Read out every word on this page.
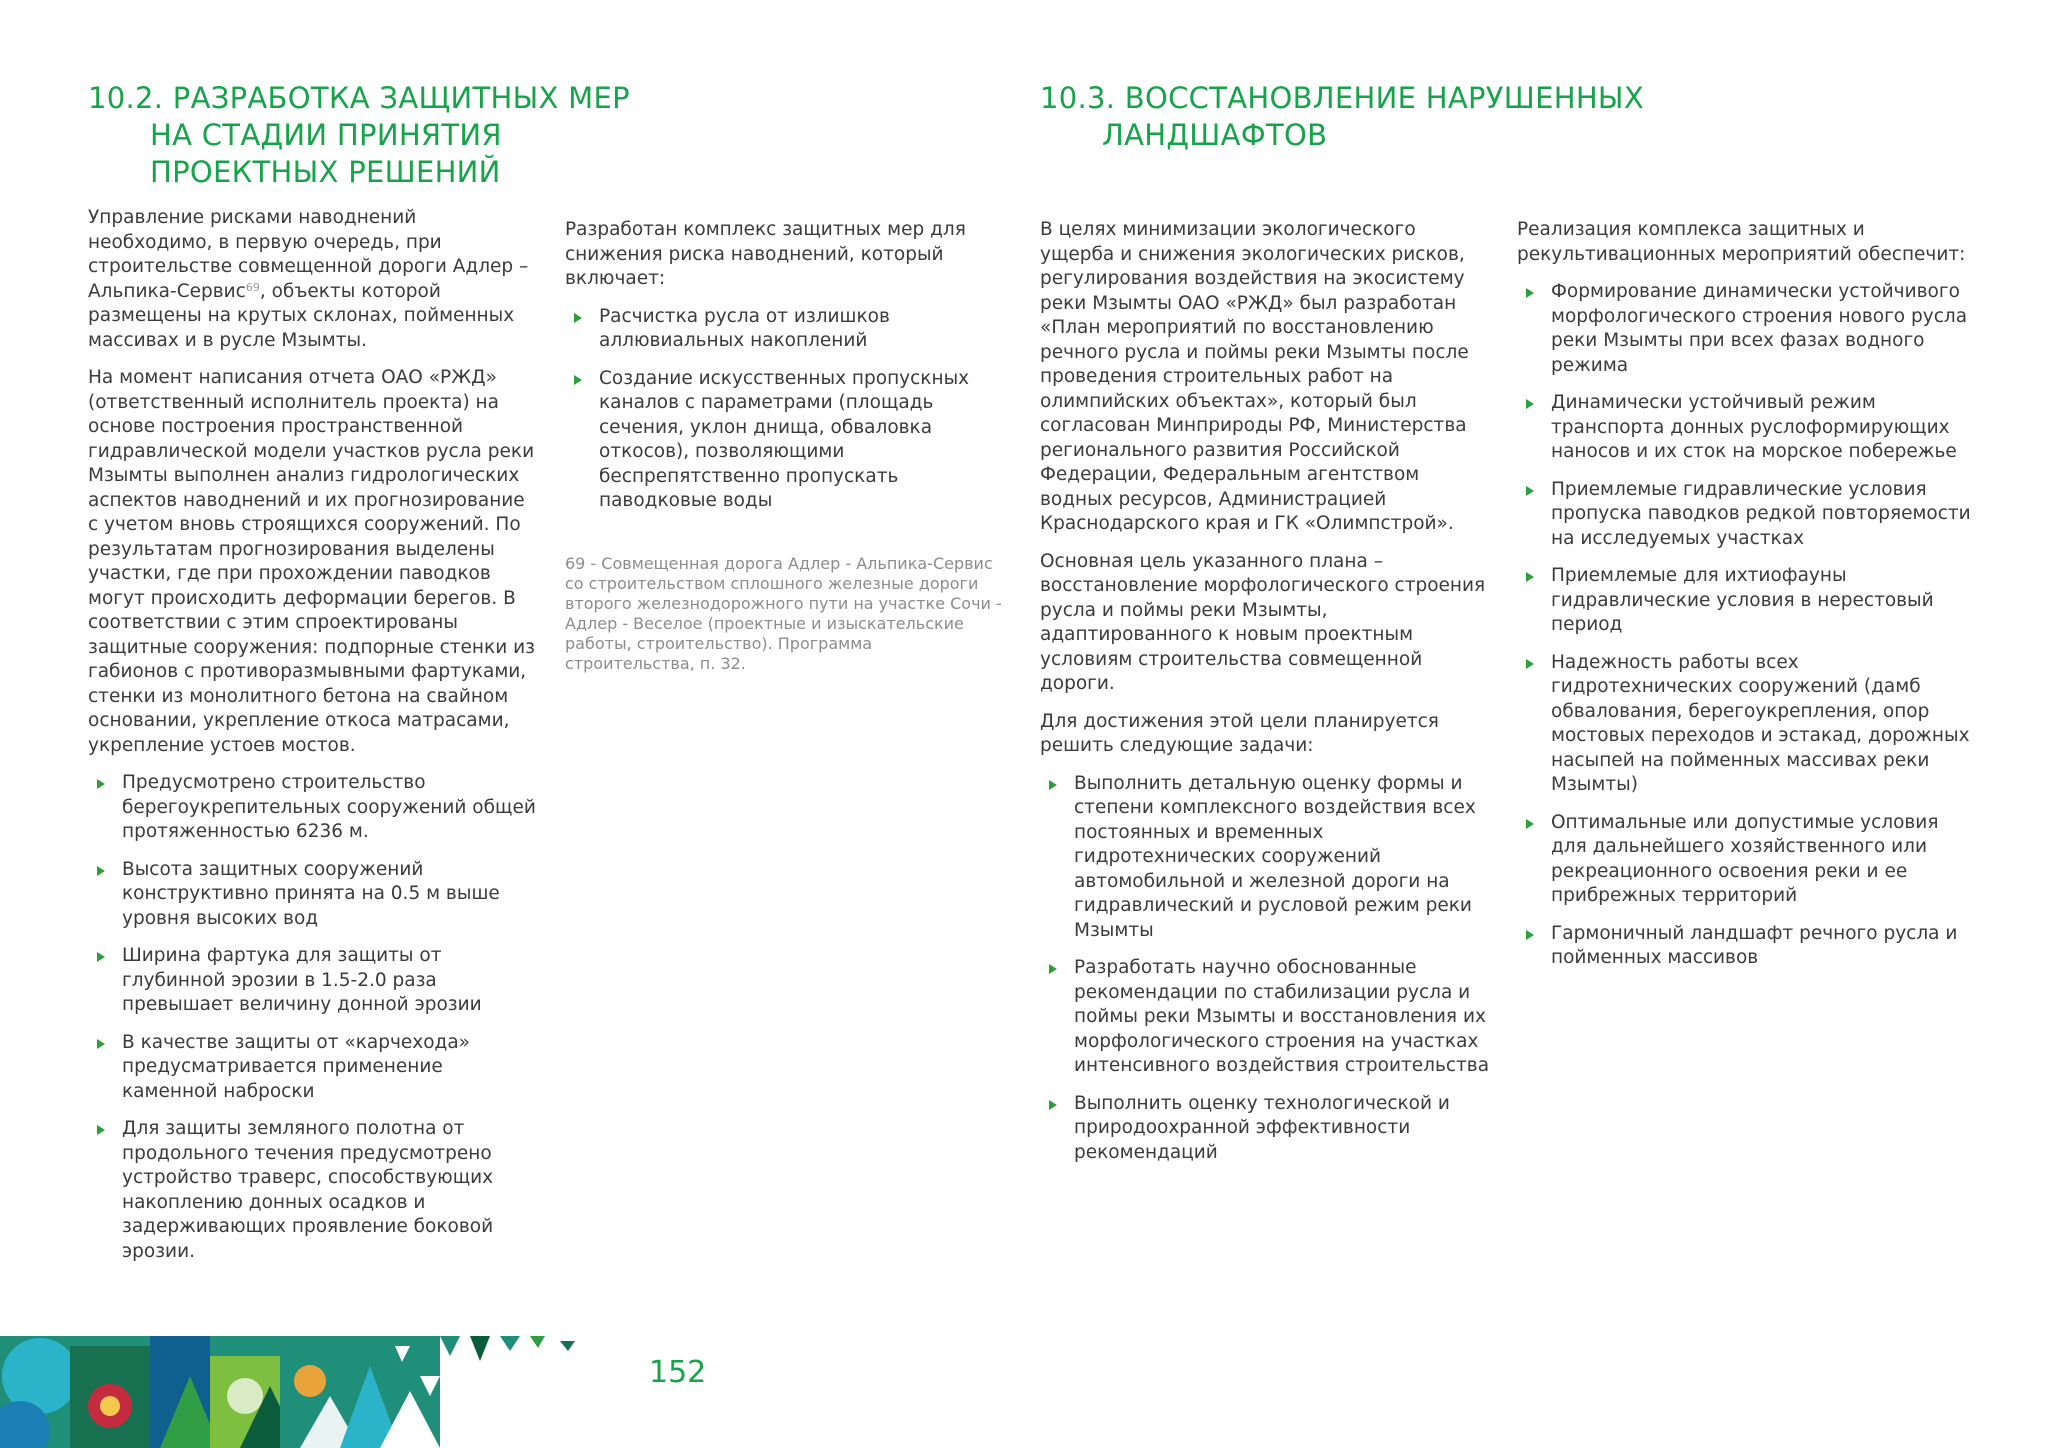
10.2. РАЗРАБОТКА ЗАЩИТНЫХ МЕР
НА СТАДИИ ПРИНЯТИЯ
ПРОЕКТНЫХ РЕШЕНИЙ
10.3. ВОССТАНОВЛЕНИЕ НАРУШЕННЫХ
ЛАНДШАФТОВ

Управление рисками наводнений необходимо, в первую очередь, при строительстве совмещенной дороги Адлер – Альпика-Сервис$^{69}$, объекты которой размещены на крутых склонах, пойменных массивах и в русле Мзымты.

На момент написания отчета ОАО «РЖД» (ответственный исполнитель проекта) на основе построения пространственной гидравлической модели участков русла реки Мзымты выполнен анализ гидрологических аспектов наводнений и их прогнозирование с учетом вновь строящихся сооружений. По результатам прогнозирования выделены участки, где при прохождении паводков могут происходить деформации берегов. В соответствии с этим спроектированы защитные сооружения: подпорные стенки из габионов с противоразмывными фартуками, стенки из монолитного бетона на свайном основании, укрепление откоса матрасами, укрепление устоев мостов.

Предусмотрено строительство берегоукрепительных сооружений общей протяженностью 6236 м.
Высота защитных сооружений конструктивно принята на 0.5 м выше уровня высоких вод
Ширина фартука для защиты от глубинной эрозии в 1.5-2.0 раза превышает величину донной эрозии
В качестве защиты от «карчехода» предусматривается применение каменной наброски
Для защиты земляного полотна от продольного течения предусмотрено устройство траверс, способствующих накоплению донных осадков и задерживающих проявление боковой эрозии.

Разработан комплекс защитных мер для снижения риска наводнений, который включает:

Расчистка русла от излишков аллювиальных накоплений
Создание искусственных пропускных каналов с параметрами (площадь сечения, уклон днища, обваловка откосов), позволяющими беспрепятственно пропускать паводковые воды
69 - Совмещенная дорога Адлер - Альпика-Сервис со строительством сплошного железные дороги второго железнодорожного пути на участке Сочи - Адлер - Веселое (проектные и изыскательские работы, строительство). Программа строительства, п. 32.

В целях минимизации экологического ущерба и снижения экологических рисков, регулирования воздействия на экосистему реки Мзымты ОАО «РЖД» был разработан «План мероприятий по восстановлению речного русла и поймы реки Мзымты после проведения строительных работ на олимпийских объектах», который был согласован Минприроды РФ, Министерства регионального развития Российской Федерации, Федеральным агентством водных ресурсов, Администрацией Краснодарского края и ГК «Олимпстрой».

Основная цель указанного плана – восстановление морфологического строения русла и поймы реки Мзымты, адаптированного к новым проектным условиям строительства совмещенной дороги.

Для достижения этой цели планируется решить следующие задачи:

Выполнить детальную оценку формы и степени комплексного воздействия всех постоянных и временных гидротехнических сооружений автомобильной и железной дороги на гидравлический и русловой режим реки Мзымты
Разработать научно обоснованные рекомендации по стабилизации русла и поймы реки Мзымты и восстановления их морфологического строения на участках интенсивного воздействия строительства
Выполнить оценку технологической и природоохранной эффективности рекомендаций

Реализация комплекса защитных и рекультивационных мероприятий обеспечит:

Формирование динамически устойчивого морфологического строения нового русла реки Мзымты при всех фазах водного режима
Динамически устойчивый режим транспорта донных руслоформирующих наносов и их сток на морское побережье
Приемлемые гидравлические условия пропуска паводков редкой повторяемости на исследуемых участках
Приемлемые для ихтиофауны гидравлические условия в нерестовый период
Надежность работы всех гидротехнических сооружений (дамб обвалования, берегоукрепления, опор мостовых переходов и эстакад, дорожных насыпей на пойменных массивах реки Мзымты)
Оптимальные или допустимые условия для дальнейшего хозяйственного или рекреационного освоения реки и ее прибрежных территорий
Гармоничный ландшафт речного русла и пойменных массивов
152
